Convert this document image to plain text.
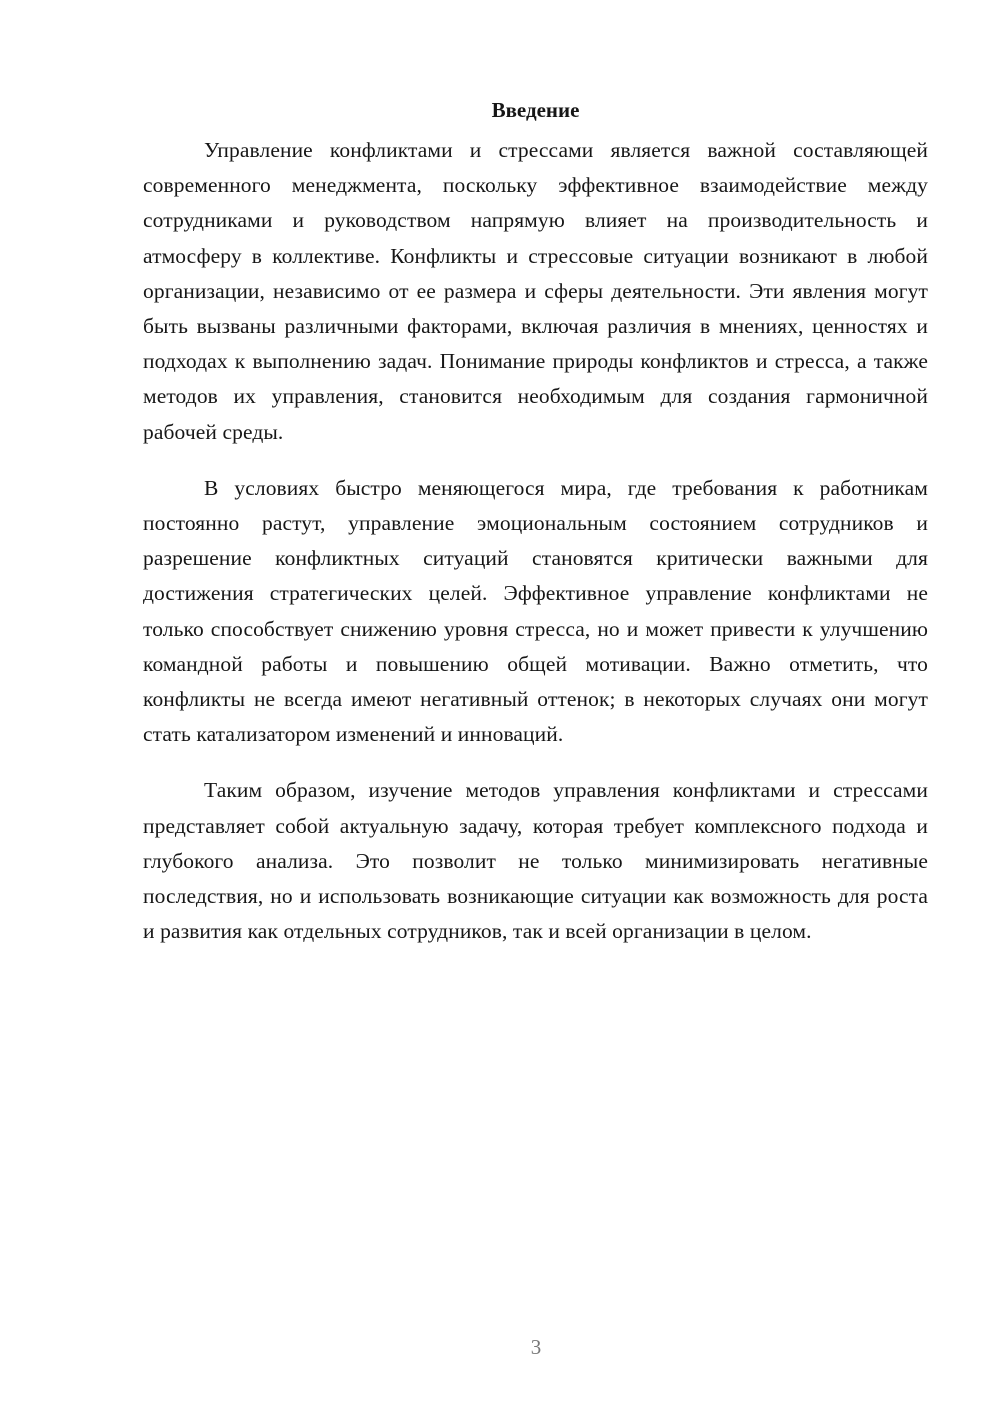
Введение

Управление конфликтами и стрессами является важной составляющей современного менеджмента, поскольку эффективное взаимодействие между сотрудниками и руководством напрямую влияет на производительность и атмосферу в коллективе. Конфликты и стрессовые ситуации возникают в любой организации, независимо от ее размера и сферы деятельности. Эти явления могут быть вызваны различными факторами, включая различия в мнениях, ценностях и подходах к выполнению задач. Понимание природы конфликтов и стресса, а также методов их управления, становится необходимым для создания гармоничной рабочей среды.

В условиях быстро меняющегося мира, где требования к работникам постоянно растут, управление эмоциональным состоянием сотрудников и разрешение конфликтных ситуаций становятся критически важными для достижения стратегических целей. Эффективное управление конфликтами не только способствует снижению уровня стресса, но и может привести к улучшению командной работы и повышению общей мотивации. Важно отметить, что конфликты не всегда имеют негативный оттенок; в некоторых случаях они могут стать катализатором изменений и инноваций.

Таким образом, изучение методов управления конфликтами и стрессами представляет собой актуальную задачу, которая требует комплексного подхода и глубокого анализа. Это позволит не только минимизировать негативные последствия, но и использовать возникающие ситуации как возможность для роста и развития как отдельных сотрудников, так и всей организации в целом.

3
